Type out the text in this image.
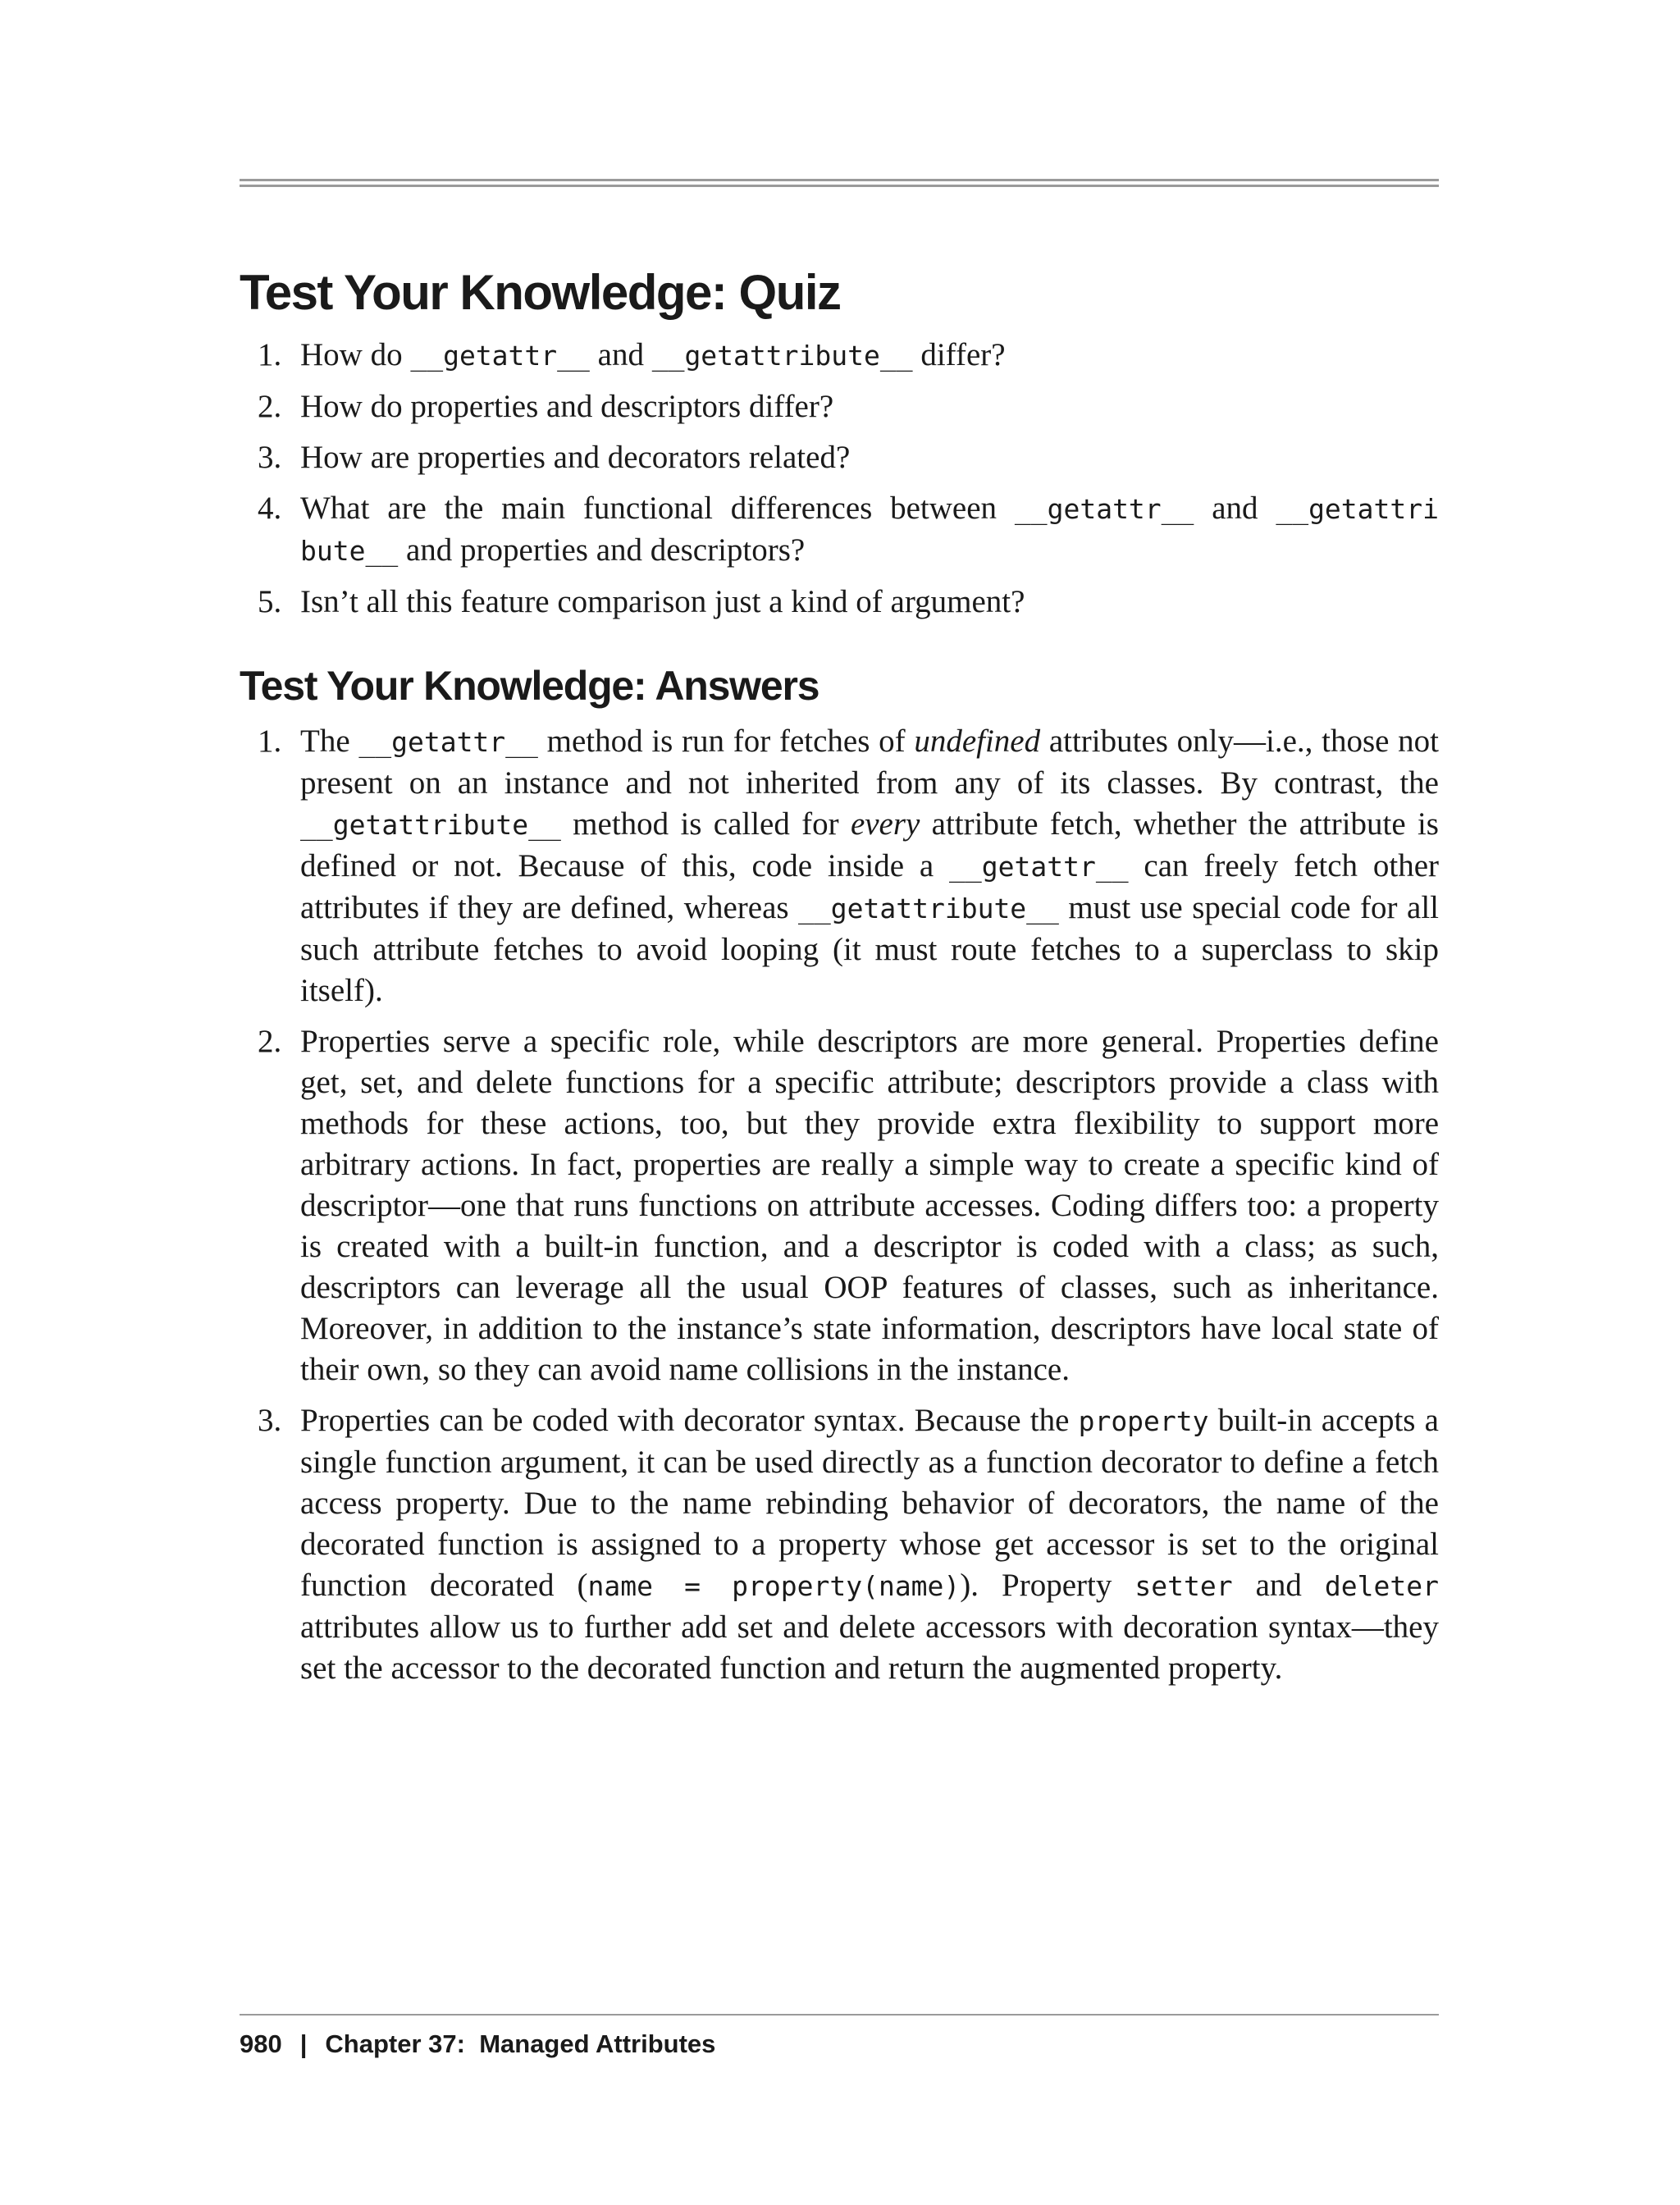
Test Your Knowledge: Quiz
1. How do __getattr__ and __getattribute__ differ?
2. How do properties and descriptors differ?
3. How are properties and decorators related?
4. What are the main functional differences between __getattr__ and __getattri bute__ and properties and descriptors?
5. Isn’t all this feature comparison just a kind of argument?
Test Your Knowledge: Answers
1. The __getattr__ method is run for fetches of undefined attributes only—i.e., those not present on an instance and not inherited from any of its classes. By contrast, the __getattribute__ method is called for every attribute fetch, whether the attribute is defined or not. Because of this, code inside a __getattr__ can freely fetch other attributes if they are defined, whereas __getattribute__ must use special code for all such attribute fetches to avoid looping (it must route fetches to a superclass to skip itself).
2. Properties serve a specific role, while descriptors are more general. Properties define get, set, and delete functions for a specific attribute; descriptors provide a class with methods for these actions, too, but they provide extra flexibility to support more arbitrary actions. In fact, properties are really a simple way to create a specific kind of descriptor—one that runs functions on attribute accesses. Coding differs too: a property is created with a built-in function, and a descriptor is coded with a class; as such, descriptors can leverage all the usual OOP features of classes, such as inheritance. Moreover, in addition to the instance’s state information, descriptors have local state of their own, so they can avoid name collisions in the instance.
3. Properties can be coded with decorator syntax. Because the property built-in accepts a single function argument, it can be used directly as a function decorator to define a fetch access property. Due to the name rebinding behavior of decorators, the name of the decorated function is assigned to a property whose get accessor is set to the original function decorated (name = property(name)). Property setter and deleter attributes allow us to further add set and delete accessors with decoration syntax—they set the accessor to the decorated function and return the augmented property.
980 | Chapter 37:  Managed Attributes
